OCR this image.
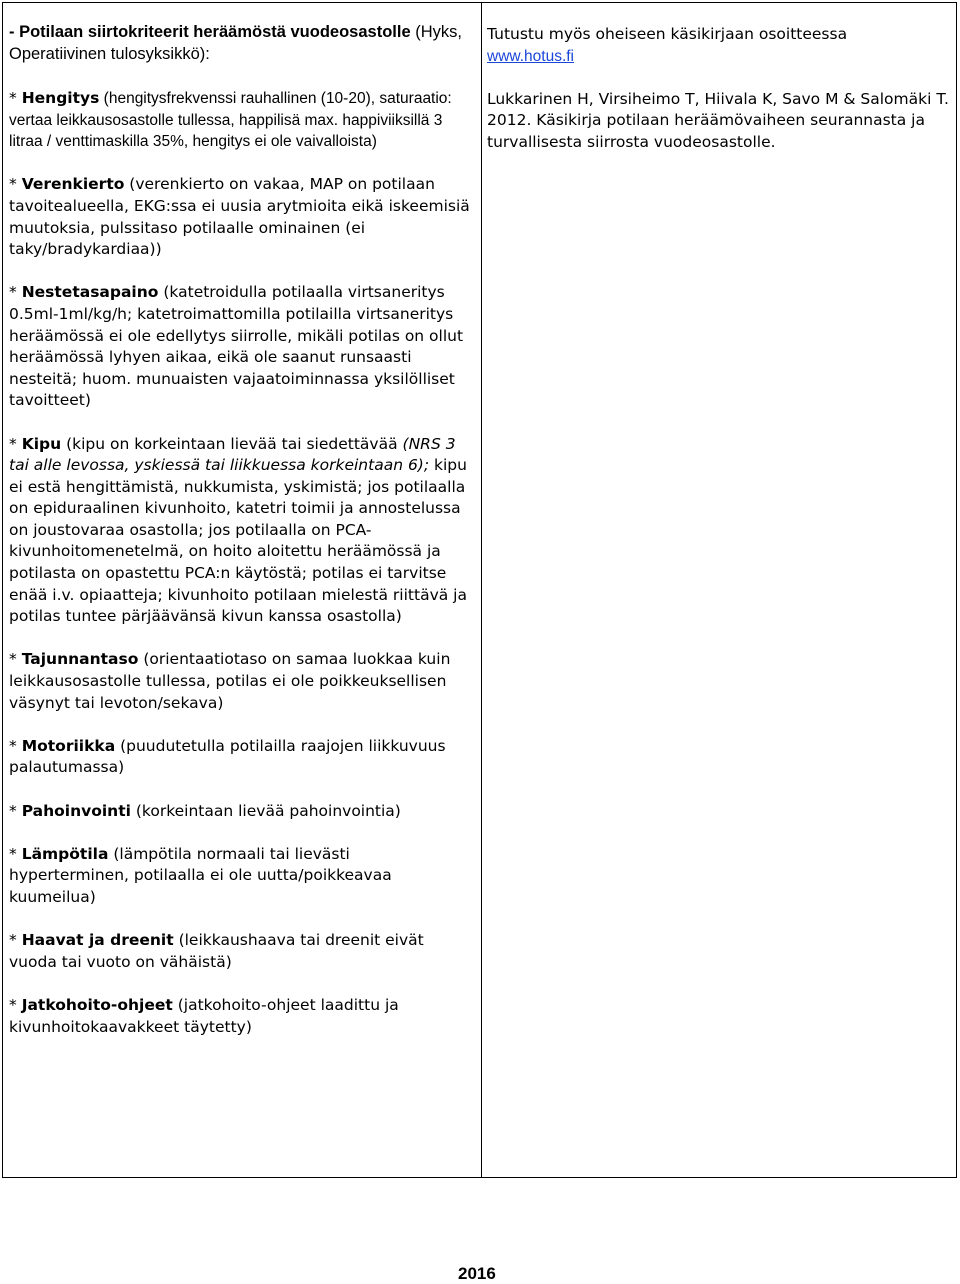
- Potilaan siirtokriteerit heräämöstä vuodeosastolle (Hyks, Operatiivinen tulosyksikkö):

* Hengitys (hengitysfrekvenssi rauhallinen (10-20), saturaatio: vertaa leikkausosastolle tullessa, happilisä max. happiviiksillä 3 litraa / venttimaskilla 35%, hengitys ei ole vaivalloista)

* Verenkierto (verenkierto on vakaa, MAP on potilaan tavoitealueella, EKG:ssa ei uusia arytmioita eikä iskeemisiä muutoksia, pulssitaso potilaalle ominainen (ei taky/bradykardiaa))

* Nestetasapaino (katetroidulla potilaalla virtsaneritys 0.5ml-1ml/kg/h; katetroimattomilla potilailla virtsaneritys heräämössä ei ole edellytys siirrolle, mikäli potilas on ollut heräämössä lyhyen aikaa, eikä ole saanut runsaasti nesteitä; huom. munuaisten vajaatoiminnassa yksilölliset tavoitteet)

* Kipu (kipu on korkeintaan lievää tai siedettävää (NRS 3 tai alle levossa, yskiessä tai liikkuessa korkeintaan 6); kipu ei estä hengittämistä, nukkumista, yskimistä; jos potilaalla on epiduraalinen kivunhoito, katetri toimii ja annostelussa on joustovaraa osastolla; jos potilaalla on PCA-kivunhoitomenetelmä, on hoito aloitettu heräämössä ja potilasta on opastettu PCA:n käytöstä; potilas ei tarvitse enää i.v. opiaatteja; kivunhoito potilaan mielestä riittävä ja potilas tuntee pärjäävänsä kivun kanssa osastolla)

* Tajunnantaso (orientaatiotaso on samaa luokkaa kuin leikkausosastolle tullessa, potilas ei ole poikkeuksellisen väsynyt tai levoton/sekava)

* Motoriikka (puudutetulla potilailla raajojen liikkuvuus palautumassa)

* Pahoinvointi (korkeintaan lievää pahoinvointia)

* Lämpötila (lämpötila normaali tai lievästi hyperterminen, potilaalla ei ole uutta/poikkeavaa kuumeilua)

* Haavat ja dreenit (leikkaushaava tai dreenit eivät vuoda tai vuoto on vähäistä)

* Jatkohoito-ohjeet (jatkohoito-ohjeet laadittu ja kivunhoitokaavakkeet täytetty)

Tutustu myös oheiseen käsikirjaan osoitteessa
www.hotus.fi

Lukkarinen H, Virsiheimo T, Hiivala K, Savo M & Salomäki T. 2012. Käsikirja potilaan heräämövaiheen seurannasta ja turvallisesta siirrosta vuodeosastolle.

2016
